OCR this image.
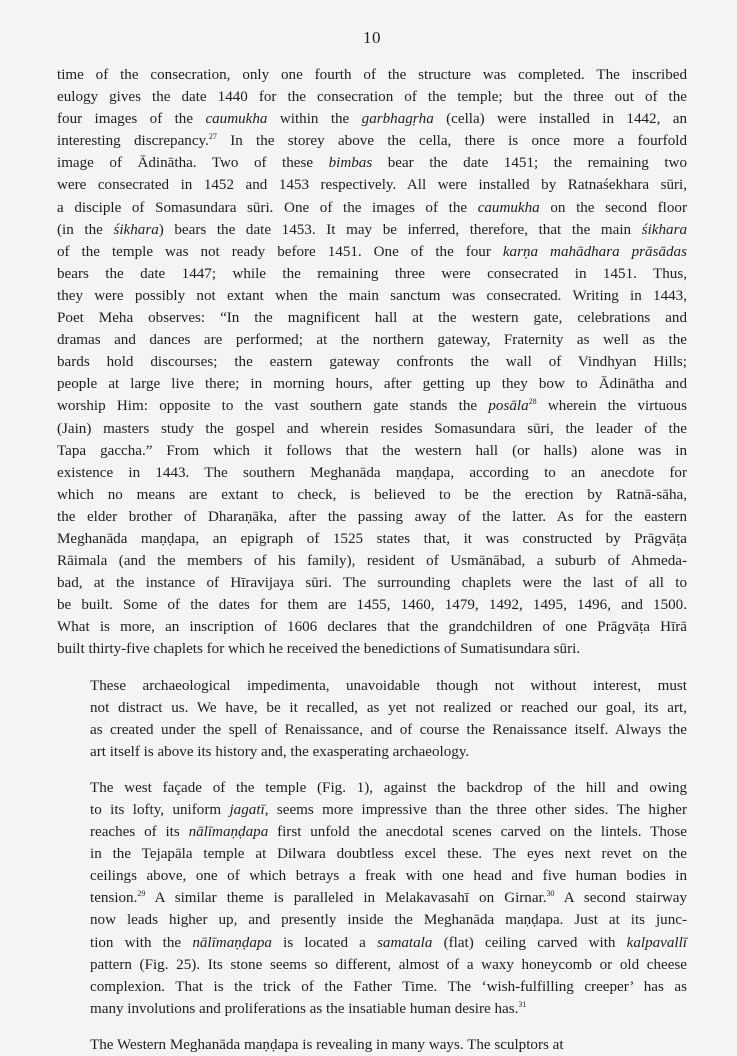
10

time of the consecration, only one fourth of the structure was completed. The inscribed
eulogy gives the date 1440 for the consecration of the temple; but the three out of the
four images of the caumukha within the garbhagṛha (cella) were installed in 1442, an
interesting discrepancy.$^{27}$ In the storey above the cella, there is once more a fourfold
image of Ādinātha. Two of these bimbas bear the date 1451; the remaining two
were consecrated in 1452 and 1453 respectively. All were installed by Ratnaśekhara sūri,
a disciple of Somasundara sūri. One of the images of the caumukha on the second floor
(in the śikhara) bears the date 1453. It may be inferred, therefore, that the main śikhara
of the temple was not ready before 1451. One of the four karṇa mahādhara prāsādas
bears the date 1447; while the remaining three were consecrated in 1451. Thus,
they were possibly not extant when the main sanctum was consecrated. Writing in 1443,
Poet Meha observes: “In the magnificent hall at the western gate, celebrations and
dramas and dances are performed; at the northern gateway, Fraternity as well as the
bards hold discourses; the eastern gateway confronts the wall of Vindhyan Hills;
people at large live there; in morning hours, after getting up they bow to Ādinātha and
worship Him: opposite to the vast southern gate stands the posāla$^{28}$ wherein the virtuous
(Jain) masters study the gospel and wherein resides Somasundara sūri, the leader of the
Tapa gaccha.” From which it follows that the western hall (or halls) alone was in
existence in 1443. The southern Meghanāda maṇḍapa, according to an anecdote for
which no means are extant to check, is believed to be the erection by Ratnā-sāha,
the elder brother of Dharaṇāka, after the passing away of the latter. As for the eastern
Meghanāda maṇḍapa, an epigraph of 1525 states that, it was constructed by Prāgvāṭa
Rāimala (and the members of his family), resident of Usmānābad, a suburb of Ahmeda-
bad, at the instance of Hīravijaya sūri. The surrounding chaplets were the last of all to
be built. Some of the dates for them are 1455, 1460, 1479, 1492, 1495, 1496, and 1500.
What is more, an inscription of 1606 declares that the grandchildren of one Prāgvāṭa Hīrā
built thirty-five chaplets for which he received the benedictions of Sumatisundara sūri.

These archaeological impedimenta, unavoidable though not without interest, must
not distract us. We have, be it recalled, as yet not realized or reached our goal, its art,
as created under the spell of Renaissance, and of course the Renaissance itself. Always the
art itself is above its history and, the exasperating archaeology.

The west façade of the temple (Fig. 1), against the backdrop of the hill and owing
to its lofty, uniform jagatī, seems more impressive than the three other sides. The higher
reaches of its nālīmaṇḍapa first unfold the anecdotal scenes carved on the lintels. Those
in the Tejapāla temple at Dilwara doubtless excel these. The eyes next revet on the
ceilings above, one of which betrays a freak with one head and five human bodies in
tension.$^{29}$ A similar theme is paralleled in Melakavasahī on Girnar.$^{30}$ A second stairway
now leads higher up, and presently inside the Meghanāda maṇḍapa. Just at its junc-
tion with the nālīmaṇḍapa is located a samatala (flat) ceiling carved with kalpavallī
pattern (Fig. 25). Its stone seems so different, almost of a waxy honeycomb or old cheese
complexion. That is the trick of the Father Time. The ‘wish-fulfilling creeper’ has as
many involutions and proliferations as the insatiable human desire has.$^{31}$

The Western Meghanāda maṇḍapa is revealing in many ways. The sculptors at
